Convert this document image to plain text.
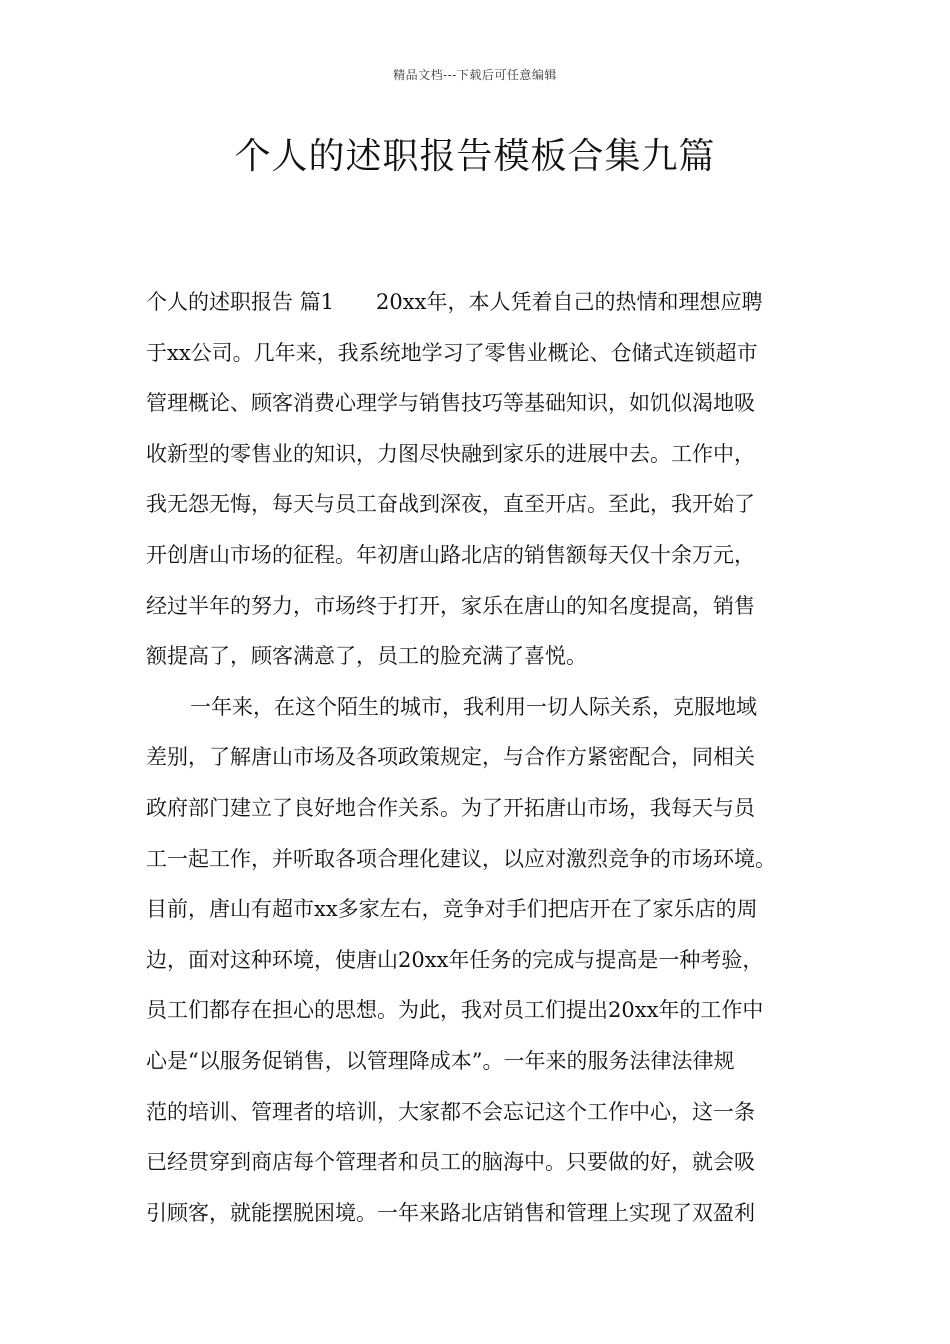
精品文档---下载后可任意编辑
个人的述职报告模板合集九篇
个人的述职报告 篇1　　20xx年，本人凭着自己的热情和理想应聘
于xx公司。几年来，我系统地学习了零售业概论、仓储式连锁超市
管理概论、顾客消费心理学与销售技巧等基础知识，如饥似渴地吸
收新型的零售业的知识，力图尽快融到家乐的进展中去。工作中，
我无怨无悔，每天与员工奋战到深夜，直至开店。至此，我开始了
开创唐山市场的征程。年初唐山路北店的销售额每天仅十余万元，
经过半年的努力，市场终于打开，家乐在唐山的知名度提高，销售
额提高了，顾客满意了，员工的脸充满了喜悦。
一年来，在这个陌生的城市，我利用一切人际关系，克服地域
差别，了解唐山市场及各项政策规定，与合作方紧密配合，同相关
政府部门建立了良好地合作关系。为了开拓唐山市场，我每天与员
工一起工作，并听取各项合理化建议，以应对激烈竞争的市场环境。
目前，唐山有超市xx多家左右，竞争对手们把店开在了家乐店的周
边，面对这种环境，使唐山20xx年任务的完成与提高是一种考验，
员工们都存在担心的思想。为此，我对员工们提出20xx年的工作中
心是“以服务促销售，以管理降成本”。一年来的服务法律法律规
范的培训、管理者的培训，大家都不会忘记这个工作中心，这一条
已经贯穿到商店每个管理者和员工的脑海中。只要做的好，就会吸
引顾客，就能摆脱困境。一年来路北店销售和管理上实现了双盈利
